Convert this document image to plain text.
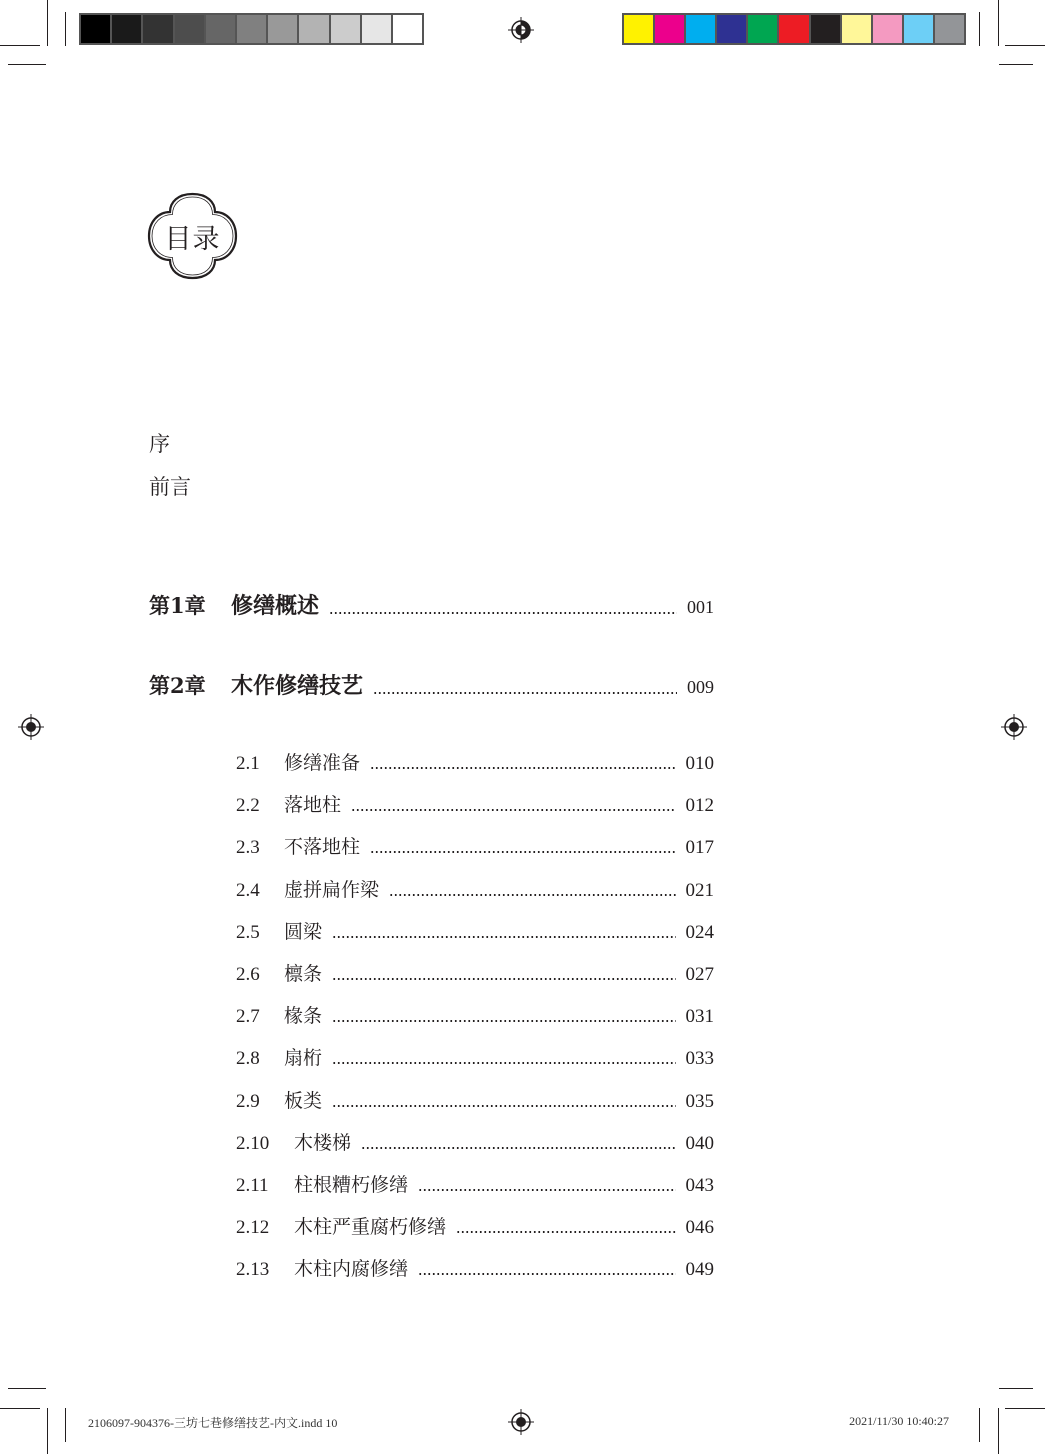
目录
序
前言
第1章	修缮概述	001
第2章	木作修缮技艺	009
2.1	修缮准备	010
2.2	落地柱	012
2.3	不落地柱	017
2.4	虚拼扁作梁	021
2.5	圆梁	024
2.6	檩条	027
2.7	椽条	031
2.8	扇桁	033
2.9	板类	035
2.10	木楼梯	040
2.11	柱根糟朽修缮	043
2.12	木柱严重腐朽修缮	046
2.13	木柱内腐修缮	049
2106097-904376-三坊七巷修缮技艺-内文.indd 10	2021/11/30 10:40:27
